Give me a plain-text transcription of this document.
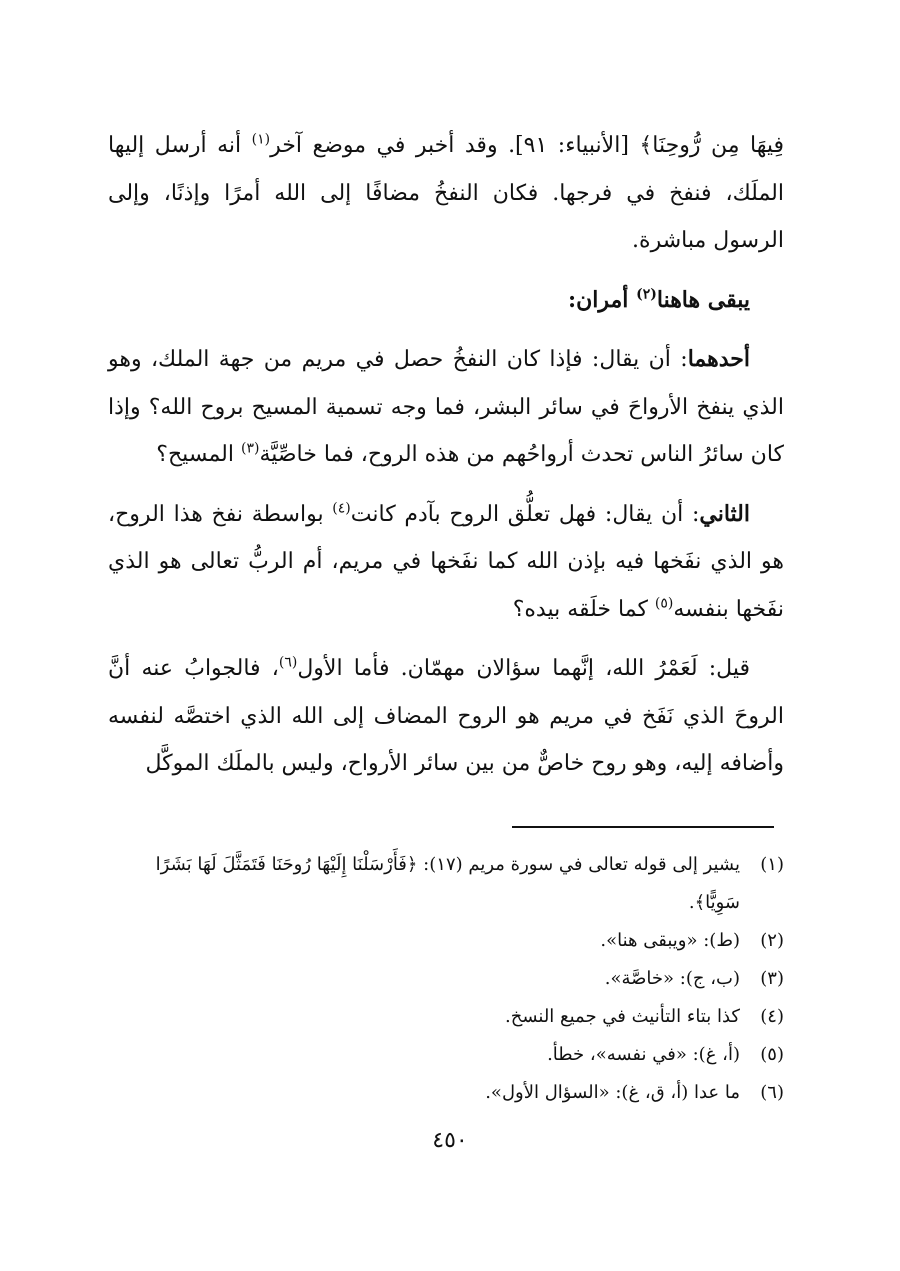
فِيهَا مِن رُّوحِنَا﴾ [الأنبياء: ٩١]. وقد أخبر في موضع آخر$^{(١)}$ أنه أرسل إليها الملَك، فنفخ في فرجها. فكان النفخُ مضافًا إلى الله أمرًا وإذنًا، وإلى الرسول مباشرة.

يبقى هاهنا$^{(٢)}$ أمران:

أحدهما: أن يقال: فإذا كان النفخُ حصل في مريم من جهة الملك، وهو الذي ينفخ الأرواحَ في سائر البشر، فما وجه تسمية المسيح بروح الله؟ وإذا كان سائرُ الناس تحدث أرواحُهم من هذه الروح، فما خاصِّيَّة$^{(٣)}$ المسيح؟

الثاني: أن يقال: فهل تعلُّق الروح بآدم كانت$^{(٤)}$ بواسطة نفخ هذا الروح، هو الذي نفَخها فيه بإذن الله كما نفَخها في مريم، أم الربُّ تعالى هو الذي نفَخها بنفسه$^{(٥)}$ كما خلَقه بيده؟

قيل: لَعَمْرُ الله، إنَّهما سؤالان مهمّان. فأما الأول$^{(٦)}$، فالجوابُ عنه أنَّ الروحَ الذي نَفَخ في مريم هو الروح المضاف إلى الله الذي اختصَّه لنفسه وأضافه إليه، وهو روح خاصٌّ من بين سائر الأرواح، وليس بالملَك الموكَّل

(١)
يشير إلى قوله تعالى في سورة مريم (١٧): ﴿فَأَرْسَلْنَا إِلَيْهَا رُوحَنَا فَتَمَثَّلَ لَهَا بَشَرًا سَوِيًّا﴾.
(٢)
(ط): «ويبقى هنا».
(٣)
(ب، ج): «خاصَّة».
(٤)
كذا بتاء التأنيث في جميع النسخ.
(٥)
(أ، غ): «في نفسه»، خطأ.
(٦)
ما عدا (أ، ق، غ): «السؤال الأول».
٤٥٠
